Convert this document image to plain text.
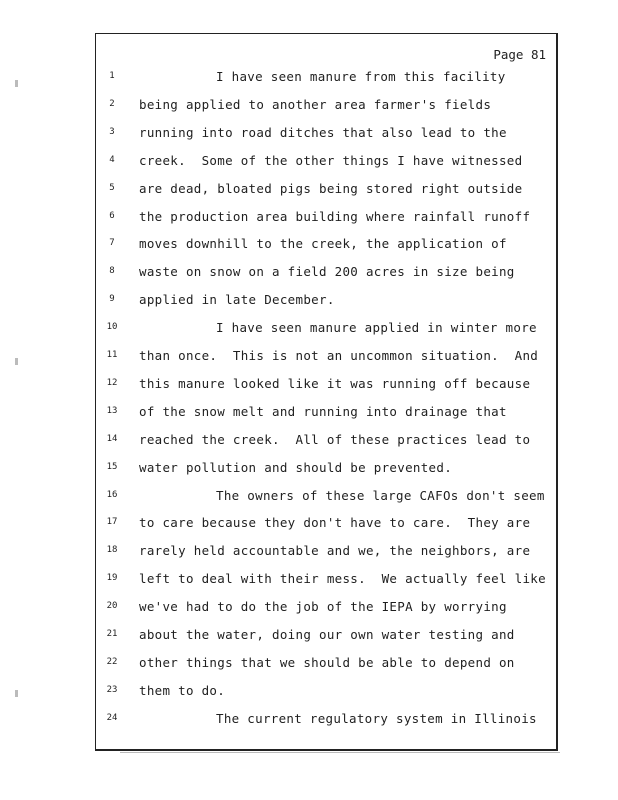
Page 81
1	I have seen manure from this facility
2	being applied to another area farmer's fields
3	running into road ditches that also lead to the
4	creek.  Some of the other things I have witnessed
5	are dead, bloated pigs being stored right outside
6	the production area building where rainfall runoff
7	moves downhill to the creek, the application of
8	waste on snow on a field 200 acres in size being
9	applied in late December.
10	I have seen manure applied in winter more
11 than once.  This is not an uncommon situation.  And
12 this manure looked like it was running off because
13 of the snow melt and running into drainage that
14 reached the creek.  All of these practices lead to
15 water pollution and should be prevented.
16	The owners of these large CAFOs don't seem
17 to care because they don't have to care.  They are
18 rarely held accountable and we, the neighbors, are
19 left to deal with their mess.  We actually feel like
20 we've had to do the job of the IEPA by worrying
21 about the water, doing our own water testing and
22 other things that we should be able to depend on
23 them to do.
24	The current regulatory system in Illinois
